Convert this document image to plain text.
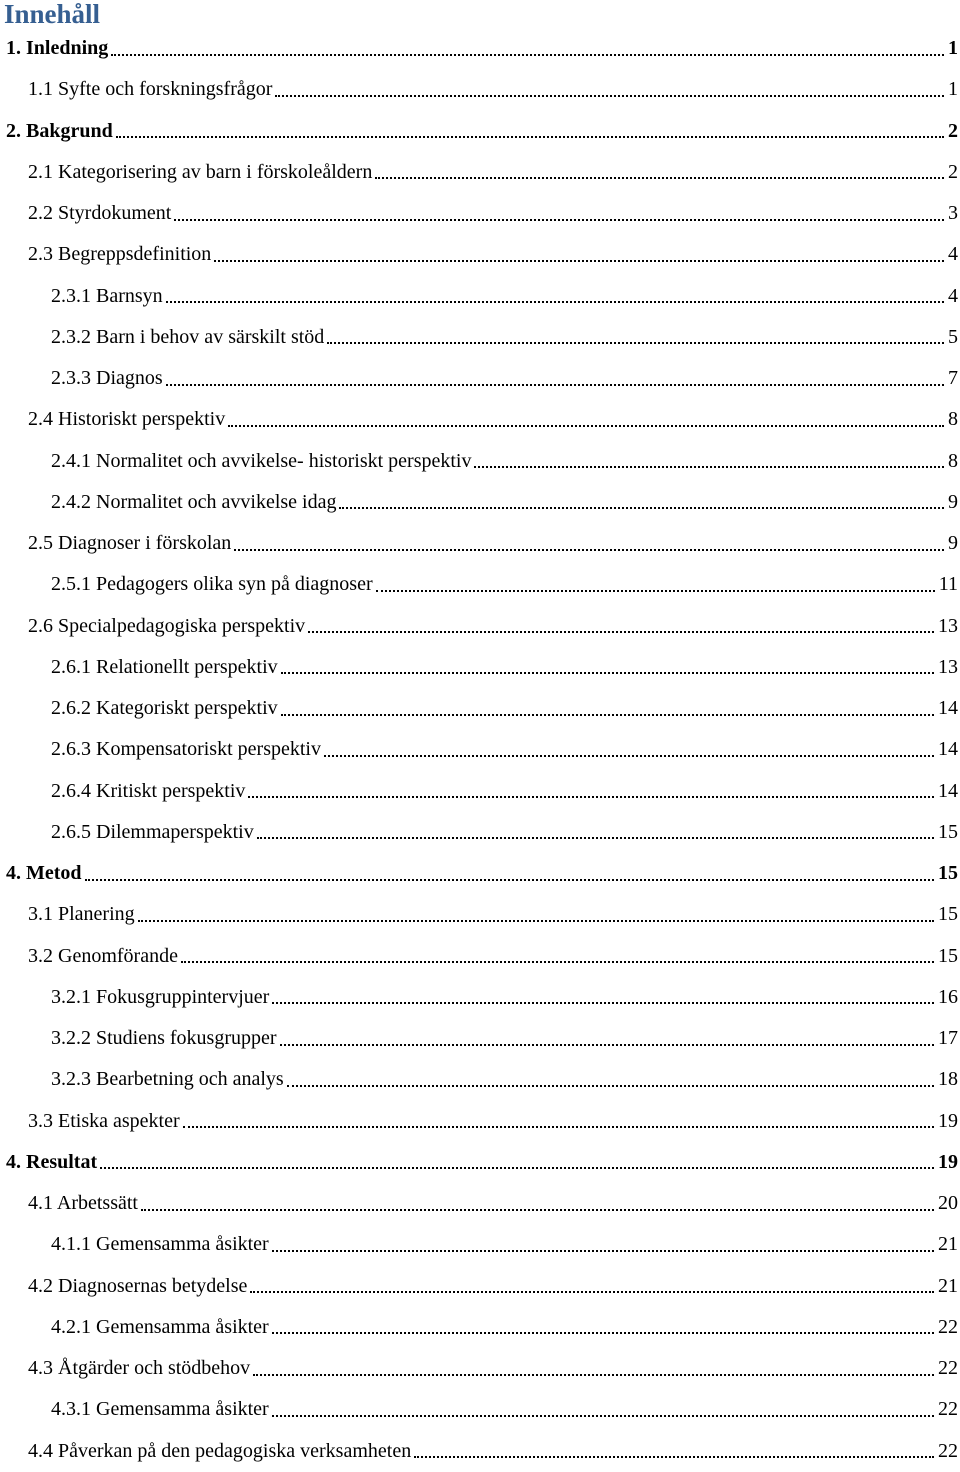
Innehåll
1. Inledning	1
1.1 Syfte och forskningsfrågor	1
2. Bakgrund	2
2.1 Kategorisering av barn i förskoleåldern	2
2.2 Styrdokument	3
2.3 Begreppsdefinition	4
2.3.1 Barnsyn	4
2.3.2 Barn i behov av särskilt stöd	5
2.3.3 Diagnos	7
2.4 Historiskt perspektiv	8
2.4.1 Normalitet och avvikelse- historiskt perspektiv	8
2.4.2 Normalitet och avvikelse idag	9
2.5 Diagnoser i förskolan	9
2.5.1 Pedagogers olika syn på diagnoser	11
2.6 Specialpedagogiska perspektiv	13
2.6.1 Relationellt perspektiv	13
2.6.2 Kategoriskt perspektiv	14
2.6.3 Kompensatoriskt perspektiv	14
2.6.4 Kritiskt perspektiv	14
2.6.5 Dilemmaperspektiv	15
4. Metod	15
3.1 Planering	15
3.2 Genomförande	15
3.2.1 Fokusgruppintervjuer	16
3.2.2 Studiens fokusgrupper	17
3.2.3 Bearbetning och analys	18
3.3 Etiska aspekter	19
4. Resultat	19
4.1 Arbetssätt	20
4.1.1 Gemensamma åsikter	21
4.2 Diagnosernas betydelse	21
4.2.1 Gemensamma åsikter	22
4.3 Åtgärder och stödbehov	22
4.3.1 Gemensamma åsikter	22
4.4 Påverkan på den pedagogiska verksamheten	22
